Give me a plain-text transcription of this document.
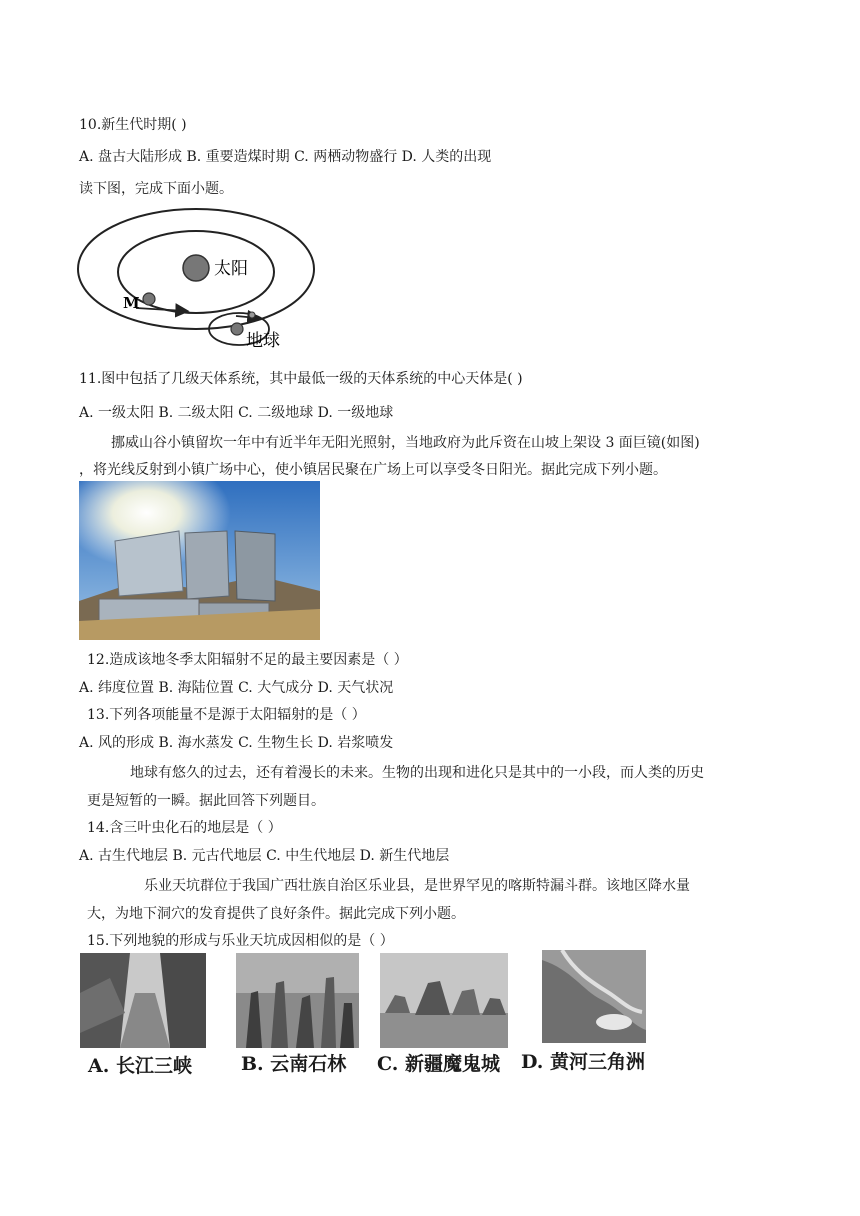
10.新生代时期( )
A. 盘古大陆形成 B. 重要造煤时期 C. 两栖动物盛行 D. 人类的出现
读下图，完成下面小题。
太阳
M
地球
11.图中包括了几级天体系统，其中最低一级的天体系统的中心天体是( )
A. 一级太阳 B. 二级太阳 C. 二级地球 D. 一级地球
挪威山谷小镇留坎一年中有近半年无阳光照射，当地政府为此斥资在山坡上架设 3 面巨镜(如图)
，将光线反射到小镇广场中心，使小镇居民聚在广场上可以享受冬日阳光。据此完成下列小题。
12.造成该地冬季太阳辐射不足的最主要因素是（ ）
A. 纬度位置 B. 海陆位置 C. 大气成分 D. 天气状况
13.下列各项能量不是源于太阳辐射的是（ ）
A. 风的形成 B. 海水蒸发 C. 生物生长 D. 岩浆喷发
地球有悠久的过去，还有着漫长的未来。生物的出现和进化只是其中的一小段，而人类的历史
更是短暂的一瞬。据此回答下列题目。
14.含三叶虫化石的地层是（ ）
A. 古生代地层 B. 元古代地层 C. 中生代地层 D. 新生代地层
乐业天坑群位于我国广西壮族自治区乐业县，是世界罕见的喀斯特漏斗群。该地区降水量
大，为地下洞穴的发育提供了良好条件。据此完成下列小题。
15.下列地貌的形成与乐业天坑成因相似的是（ ）
A. 长江三峡	B. 云南石林 C. 新疆魔鬼城 D. 黄河三角洲
